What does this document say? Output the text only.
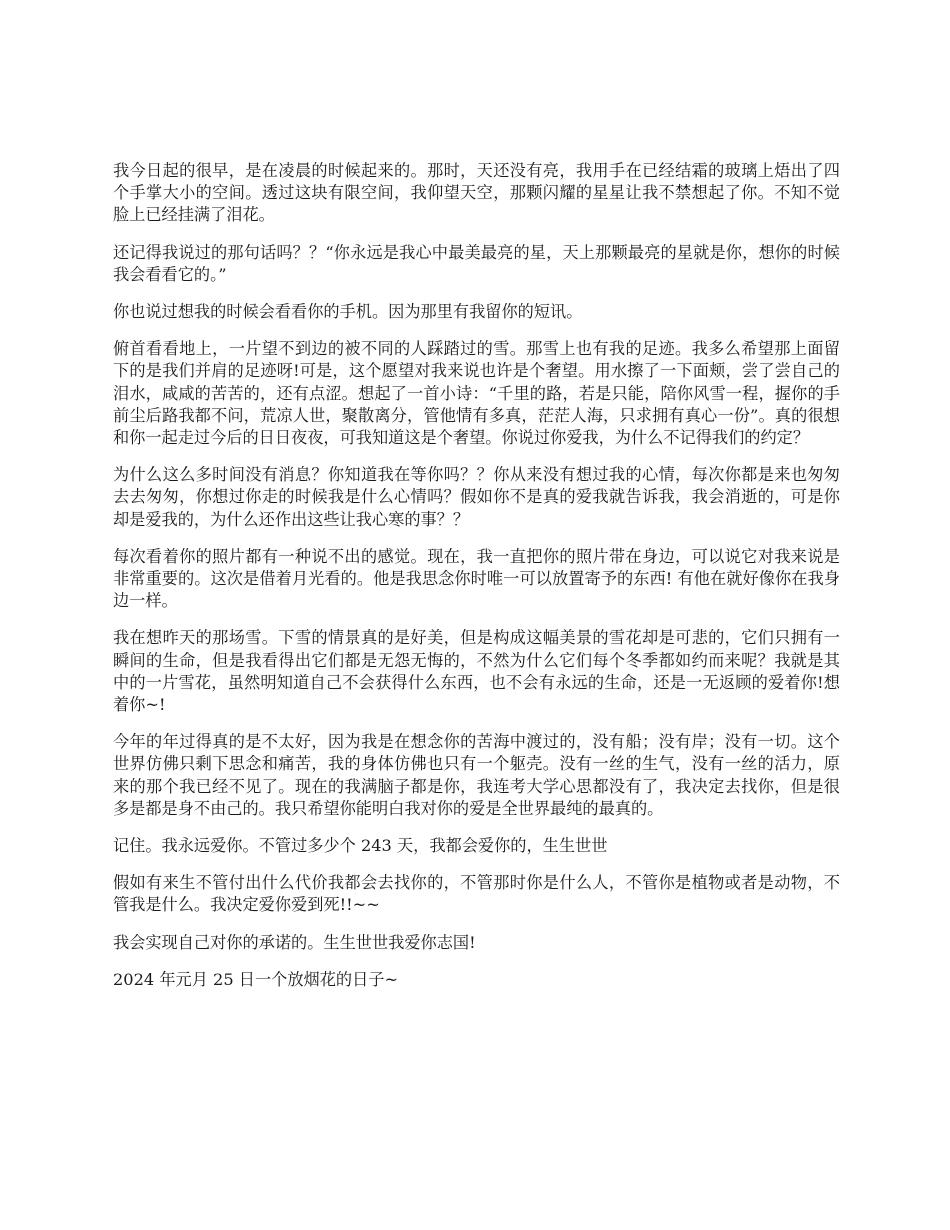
我今日起的很早，是在凌晨的时候起来的。那时，天还没有亮，我用手在已经结霜的玻璃上焐出了四个手掌大小的空间。透过这块有限空间，我仰望天空，那颗闪耀的星星让我不禁想起了你。不知不觉脸上已经挂满了泪花。

还记得我说过的那句话吗？？“你永远是我心中最美最亮的星，天上那颗最亮的星就是你，想你的时候我会看看它的。”

你也说过想我的时候会看看你的手机。因为那里有我留你的短讯。

俯首看看地上，一片望不到边的被不同的人踩踏过的雪。那雪上也有我的足迹。我多么希望那上面留下的是我们并肩的足迹呀!可是，这个愿望对我来说也许是个奢望。用水擦了一下面颊，尝了尝自己的泪水，咸咸的苦苦的，还有点涩。想起了一首小诗：“千里的路，若是只能，陪你风雪一程，握你的手前尘后路我都不问，荒凉人世，聚散离分，管他情有多真，茫茫人海，只求拥有真心一份”。真的很想和你一起走过今后的日日夜夜，可我知道这是个奢望。你说过你爱我，为什么不记得我们的约定？

为什么这么多时间没有消息？你知道我在等你吗？？你从来没有想过我的心情，每次你都是来也匆匆去去匆匆，你想过你走的时候我是什么心情吗？假如你不是真的爱我就告诉我，我会消逝的，可是你却是爱我的，为什么还作出这些让我心寒的事？？

每次看着你的照片都有一种说不出的感觉。现在，我一直把你的照片带在身边，可以说它对我来说是非常重要的。这次是借着月光看的。他是我思念你时唯一可以放置寄予的东西! 有他在就好像你在我身边一样。

我在想昨天的那场雪。下雪的情景真的是好美，但是构成这幅美景的雪花却是可悲的，它们只拥有一瞬间的生命，但是我看得出它们都是无怨无悔的，不然为什么它们每个冬季都如约而来呢？我就是其中的一片雪花，虽然明知道自己不会获得什么东西，也不会有永远的生命，还是一无返顾的爱着你!想着你~!

今年的年过得真的是不太好，因为我是在想念你的苦海中渡过的，没有船；没有岸；没有一切。这个世界仿佛只剩下思念和痛苦，我的身体仿佛也只有一个躯壳。没有一丝的生气，没有一丝的活力，原来的那个我已经不见了。现在的我满脑子都是你，我连考大学心思都没有了，我决定去找你，但是很多是都是身不由己的。我只希望你能明白我对你的爱是全世界最纯的最真的。

记住。我永远爱你。不管过多少个 243 天，我都会爱你的，生生世世

假如有来生不管付出什么代价我都会去找你的，不管那时你是什么人，不管你是植物或者是动物，不管我是什么。我决定爱你爱到死!!~~

我会实现自己对你的承诺的。生生世世我爱你志国!

2024 年元月 25 日一个放烟花的日子~
